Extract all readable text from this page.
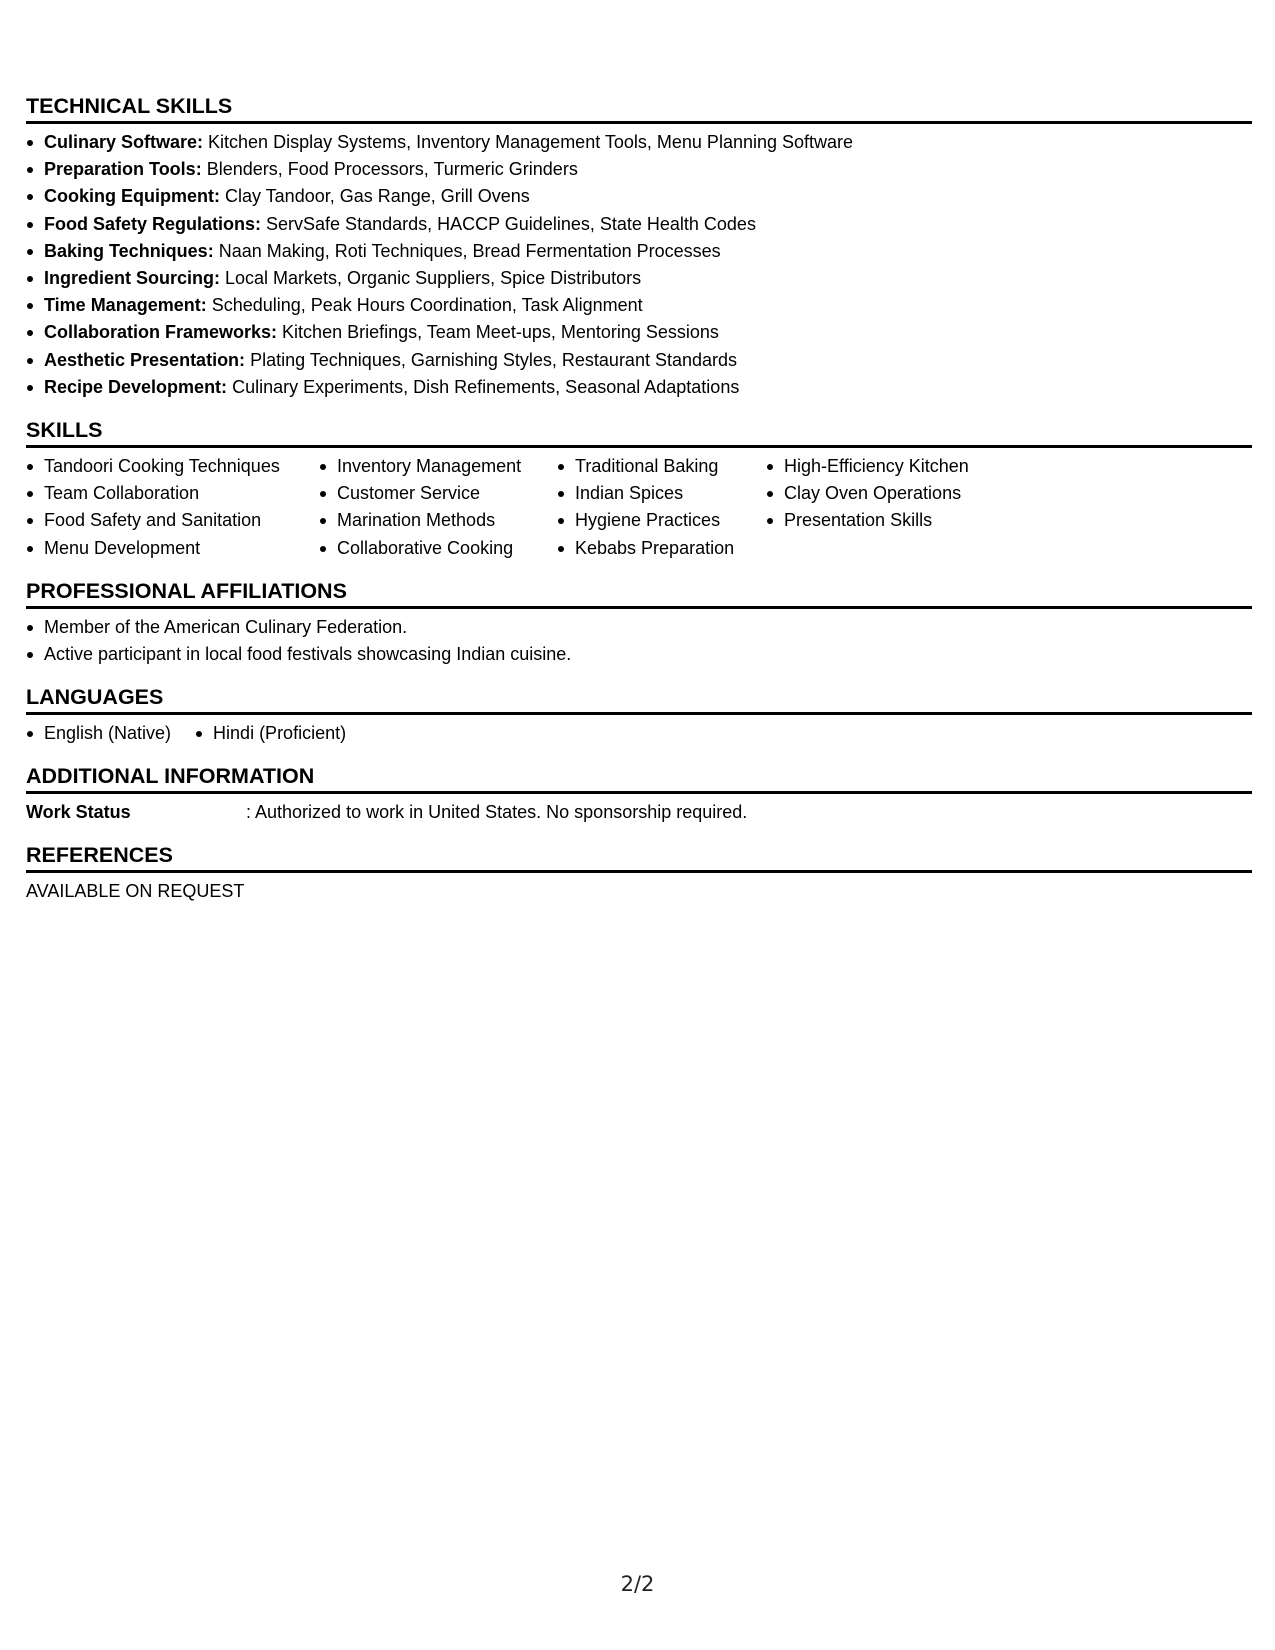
TECHNICAL SKILLS
Culinary Software: Kitchen Display Systems, Inventory Management Tools, Menu Planning Software
Preparation Tools: Blenders, Food Processors, Turmeric Grinders
Cooking Equipment: Clay Tandoor, Gas Range, Grill Ovens
Food Safety Regulations: ServSafe Standards, HACCP Guidelines, State Health Codes
Baking Techniques: Naan Making, Roti Techniques, Bread Fermentation Processes
Ingredient Sourcing: Local Markets, Organic Suppliers, Spice Distributors
Time Management: Scheduling, Peak Hours Coordination, Task Alignment
Collaboration Frameworks: Kitchen Briefings, Team Meet-ups, Mentoring Sessions
Aesthetic Presentation: Plating Techniques, Garnishing Styles, Restaurant Standards
Recipe Development: Culinary Experiments, Dish Refinements, Seasonal Adaptations
SKILLS
Tandoori Cooking Techniques
Team Collaboration
Food Safety and Sanitation
Menu Development
Inventory Management
Customer Service
Marination Methods
Collaborative Cooking
Traditional Baking
Indian Spices
Hygiene Practices
Kebabs Preparation
High-Efficiency Kitchen
Clay Oven Operations
Presentation Skills
PROFESSIONAL AFFILIATIONS
Member of the American Culinary Federation.
Active participant in local food festivals showcasing Indian cuisine.
LANGUAGES
English (Native)	Hindi (Proficient)
ADDITIONAL INFORMATION
Work Status	: Authorized to work in United States. No sponsorship required.
REFERENCES
AVAILABLE ON REQUEST
2/2
